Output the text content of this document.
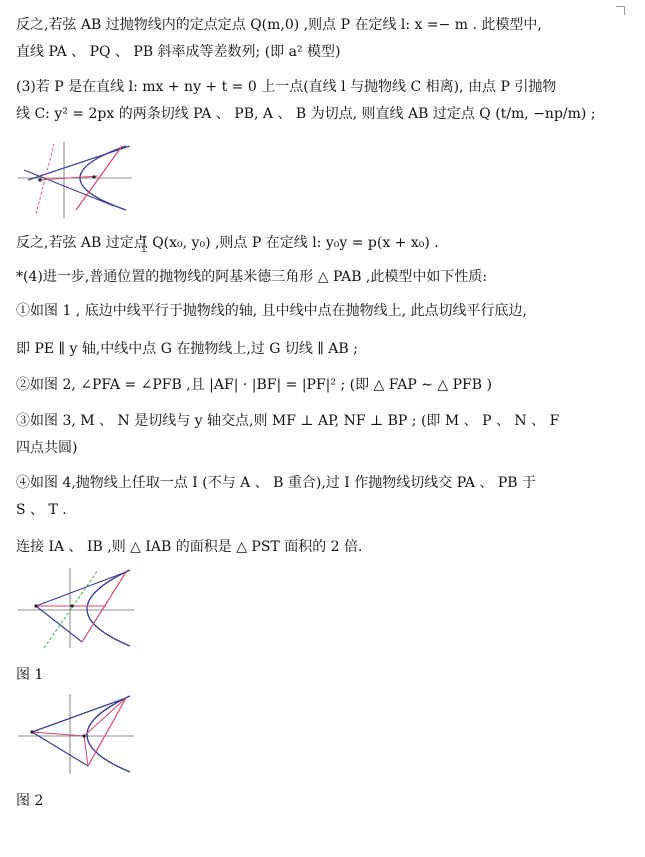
反之,若弦 AB 过抛物线内的定点定点 Q(m,0) ,则点 P 在定线 l: x =− m . 此模型中,
直线 PA 、 PQ 、 PB 斜率成等差数列; (即 a² 模型)
(3)若 P 是在直线 l: mx + ny + t = 0 上一点(直线 l 与抛物线 C 相离), 由点 P 引抛物
线 C: y² = 2px 的两条切线 PA 、 PB, A 、 B 为切点, 则直线 AB 过定点 Q (t/m, −np/m) ;
反之,若弦 AB 过定点 Q(x₀, y₀) ,则点 P 在定线 l: y₀y = p(x + x₀) .
*(4)进一步,普通位置的抛物线的阿基米德三角形 △ PAB ,此模型中如下性质:
①如图 1 , 底边中线平行于抛物线的轴, 且中线中点在抛物线上, 此点切线平行底边,
即 PE ∥ y 轴,中线中点 G 在抛物线上,过 G 切线 ∥ AB ;
②如图 2, ∠PFA = ∠PFB ,且 |AF| · |BF| = |PF|² ; (即 △ FAP ∼ △ PFB )
③如图 3, M 、 N 是切线与 y 轴交点,则 MF ⊥ AP, NF ⊥ BP ; (即 M 、 P 、 N 、 F
四点共圆)
④如图 4,抛物线上任取一点 I (不与 A 、 B 重合),过 I 作抛物线切线交 PA 、 PB 于
S 、 T .
连接 IA 、 IB ,则 △ IAB 的面积是 △ PST 面积的 2 倍.
图 1
图 2
